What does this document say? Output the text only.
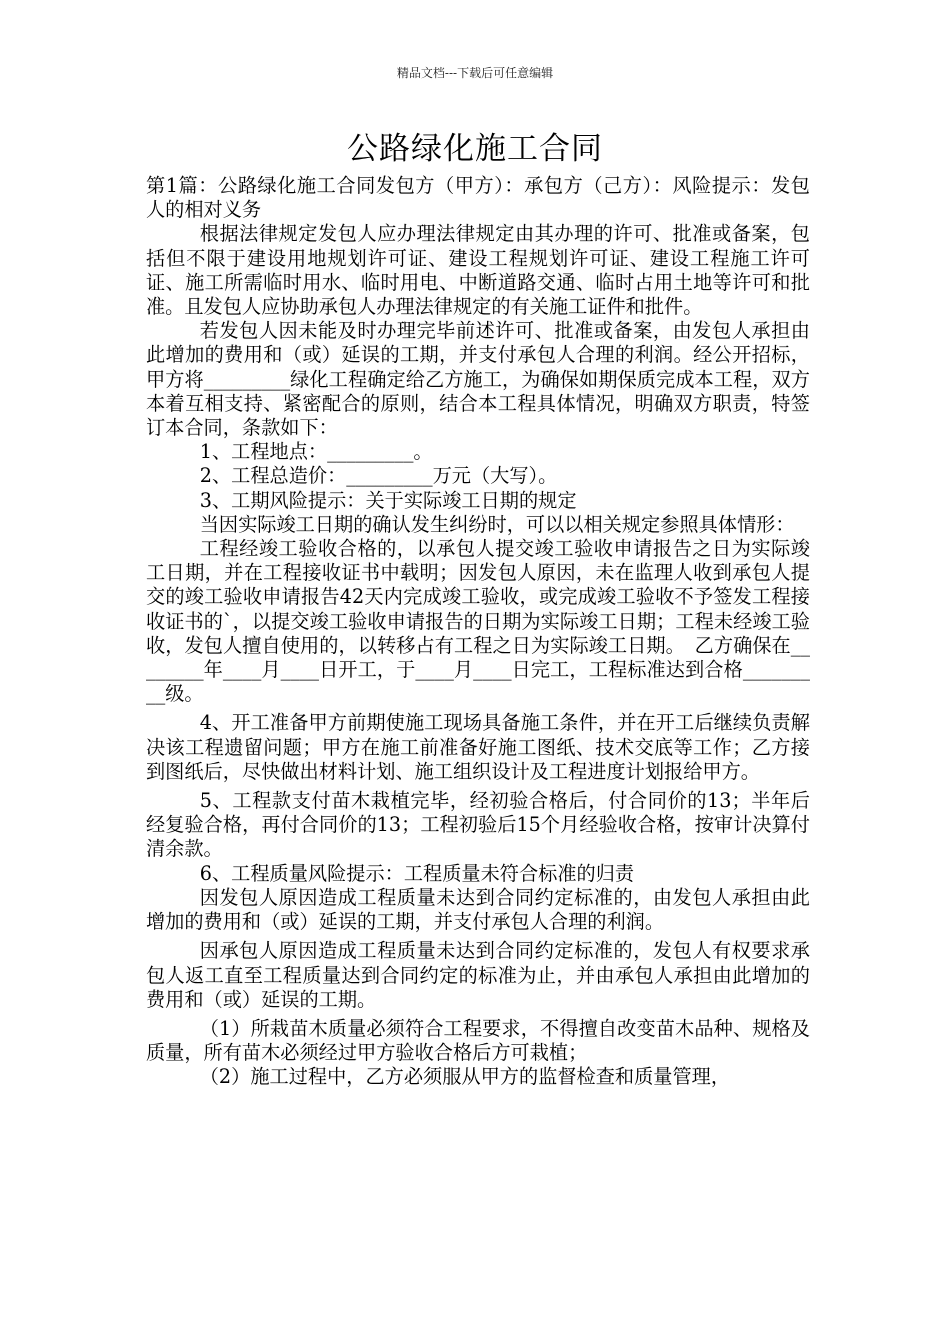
精品文档---下载后可任意编辑
公路绿化施工合同

第1篇：公路绿化施工合同发包方（甲方）：承包方（己方）：风险提示：发包人的相对义务

根据法律规定发包人应办理法律规定由其办理的许可、批准或备案，包括但不限于建设用地规划许可证、建设工程规划许可证、建设工程施工许可证、施工所需临时用水、临时用电、中断道路交通、临时占用土地等许可和批准。且发包人应协助承包人办理法律规定的有关施工证件和批件。

若发包人因未能及时办理完毕前述许可、批准或备案，由发包人承担由此增加的费用和（或）延误的工期，并支付承包人合理的利润。经公开招标，甲方将_________绿化工程确定给乙方施工，为确保如期保质完成本工程，双方本着互相支持、紧密配合的原则，结合本工程具体情况，明确双方职责，特签订本合同，条款如下：

1、工程地点：_________。

2、工程总造价：_________万元（大写）。

3、工期风险提示：关于实际竣工日期的规定

当因实际竣工日期的确认发生纠纷时，可以以相关规定参照具体情形：

工程经竣工验收合格的，以承包人提交竣工验收申请报告之日为实际竣工日期，并在工程接收证书中载明；因发包人原因，未在监理人收到承包人提交的竣工验收申请报告42天内完成竣工验收，或完成竣工验收不予签发工程接收证书的`，以提交竣工验收申请报告的日期为实际竣工日期；工程未经竣工验收，发包人擅自使用的，以转移占有工程之日为实际竣工日期。　乙方确保在________年____月____日开工，于____月____日完工，工程标准达到合格_________级。

4、开工准备甲方前期使施工现场具备施工条件，并在开工后继续负责解决该工程遗留问题；甲方在施工前准备好施工图纸、技术交底等工作；乙方接到图纸后，尽快做出材料计划、施工组织设计及工程进度计划报给甲方。

5、工程款支付苗木栽植完毕，经初验合格后，付合同价的13；半年后经复验合格，再付合同价的13；工程初验后15个月经验收合格，按审计决算付清余款。

6、工程质量风险提示：工程质量未符合标准的归责

因发包人原因造成工程质量未达到合同约定标准的，由发包人承担由此增加的费用和（或）延误的工期，并支付承包人合理的利润。

因承包人原因造成工程质量未达到合同约定标准的，发包人有权要求承包人返工直至工程质量达到合同约定的标准为止，并由承包人承担由此增加的费用和（或）延误的工期。

（1）所栽苗木质量必须符合工程要求，不得擅自改变苗木品种、规格及质量，所有苗木必须经过甲方验收合格后方可栽植；

（2）施工过程中，乙方必须服从甲方的监督检查和质量管理，
